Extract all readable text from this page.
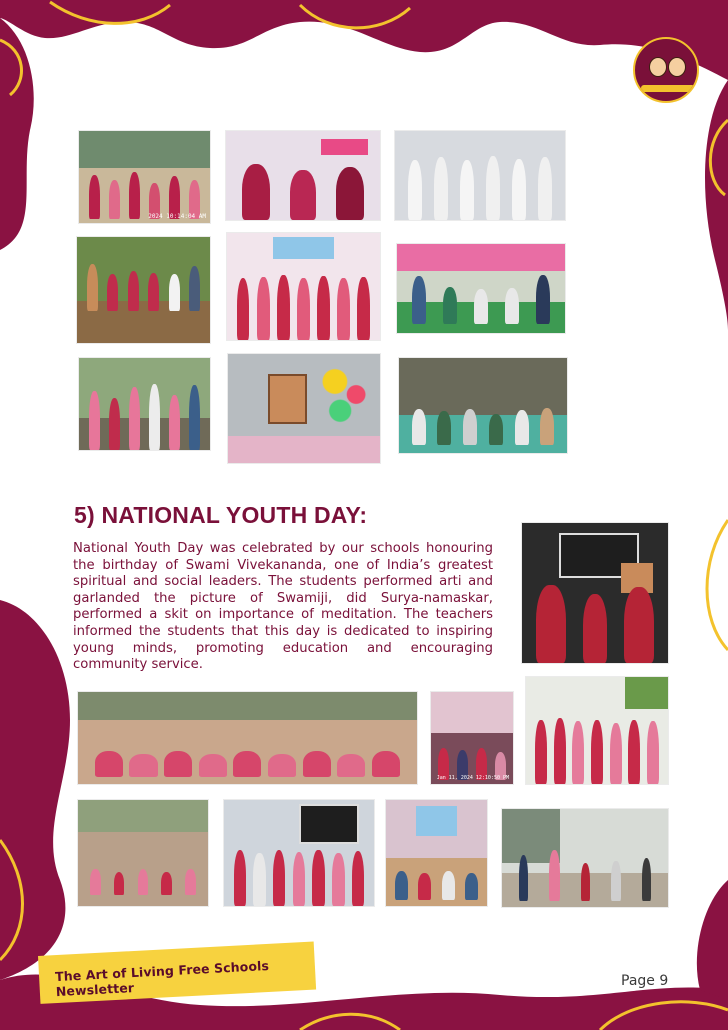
2024 10:14:04 AM
5) NATIONAL YOUTH DAY:

National Youth Day was celebrated by our schools honouring the birthday of Swami Vivekananda, one of India’s greatest spiritual and social leaders. The students performed arti and garlanded the picture of Swamiji, did Surya-namaskar, performed a skit on importance of meditation. The teachers informed the students that this day is dedicated to inspiring young minds, promoting education and encouraging community service.

Jan 11, 2024 12:10:50 PM
The Art of Living Free Schools Newsletter	Page 9
